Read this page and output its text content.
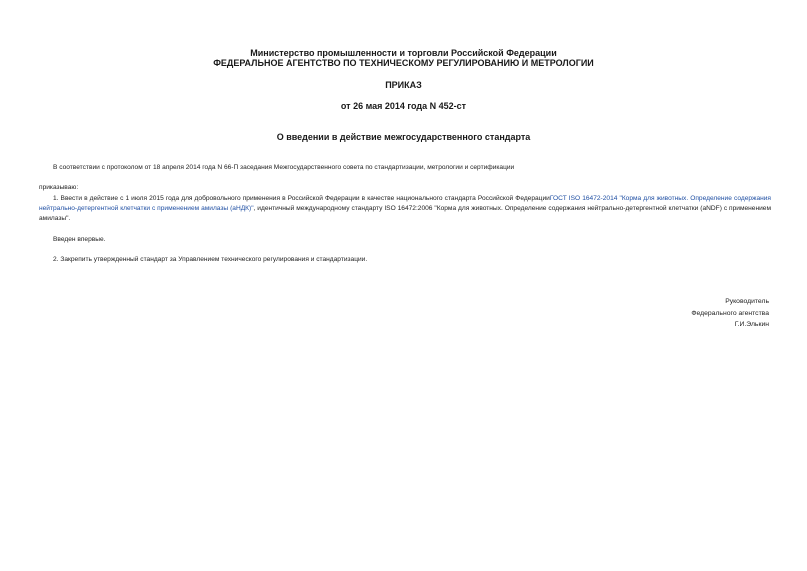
Министерство промышленности и торговли Российской Федерации
ФЕДЕРАЛЬНОЕ АГЕНТСТВО ПО ТЕХНИЧЕСКОМУ РЕГУЛИРОВАНИЮ И МЕТРОЛОГИИ
ПРИКАЗ
от 26 мая 2014 года N 452-ст
О введении в действие межгосударственного стандарта
В соответствии с протоколом от 18 апреля 2014 года N 66-П заседания Межгосударственного совета по стандартизации, метрологии и сертификации
приказываю:
1. Ввести в действие с 1 июля 2015 года для добровольного применения в Российской Федерации в качестве национального стандарта Российской ФедерацииГОСТ ISO 16472-2014 "Корма для животных. Определение содержания нейтрально-детергентной клетчатки с применением амилазы (aНДК)", идентичный международному стандарту ISO 16472:2006 "Корма для животных. Определение содержания нейтрально-детергентной клетчатки (aNDF) с применением амилазы".
Введен впервые.
2. Закрепить утвержденный стандарт за Управлением технического регулирования и стандартизации.
Руководитель
Федерального агентства
Г.И.Элькин
